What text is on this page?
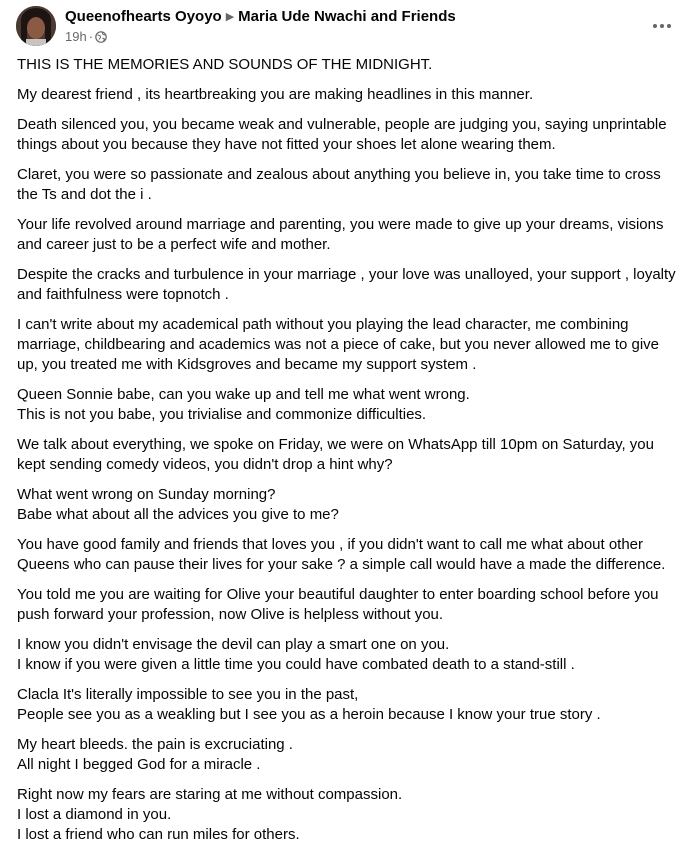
Queenofhearts Oyoyo ▶ Maria Ude Nwachi and Friends
19h ·
THIS IS THE MEMORIES AND SOUNDS OF THE MIDNIGHT.
My dearest friend , its heartbreaking you are making headlines in this manner.
Death silenced you, you became weak and vulnerable, people are judging you, saying unprintable things about you because they have not fitted your shoes let alone wearing them.
Claret, you were so passionate and zealous about anything you believe in, you take time to cross the Ts and dot the i .
Your life revolved around marriage and parenting, you were made to give up your dreams, visions and career just to be a perfect wife and mother.
Despite the cracks and turbulence in your marriage , your love was unalloyed, your support , loyalty and faithfulness were topnotch .
I can't write about my academical path without you playing the lead character, me combining marriage, childbearing and academics was not a piece of cake, but you never allowed me to give up, you treated me with Kidsgroves and became my support system .
Queen Sonnie babe, can you wake up and tell me what went wrong.
This is not you babe, you trivialise and commonize difficulties.
We talk about everything, we spoke on Friday, we were on WhatsApp till 10pm on Saturday, you kept sending comedy videos, you didn't drop a hint why?
What went wrong on Sunday morning?
Babe what about all the advices you give to me?
You have good family and friends that loves you , if you didn't want to call me what about other Queens who can pause their lives for your sake ? a simple call would have a made the difference.
You told me you are waiting for Olive your beautiful daughter to enter boarding school before you push forward your profession, now Olive is helpless without you.
I know you didn't envisage the devil can play a smart one on you.
I know if you were given a little time you could have combated death to a stand-still .
Clacla It's literally impossible to see you in the past,
People see you as a weakling but I see you as a heroin because I know your true story .
My heart bleeds. the pain is excruciating .
All night I begged God for a miracle .
Right now my fears are staring at me without compassion.
I lost a diamond in you.
I lost a friend who can run miles for others.
